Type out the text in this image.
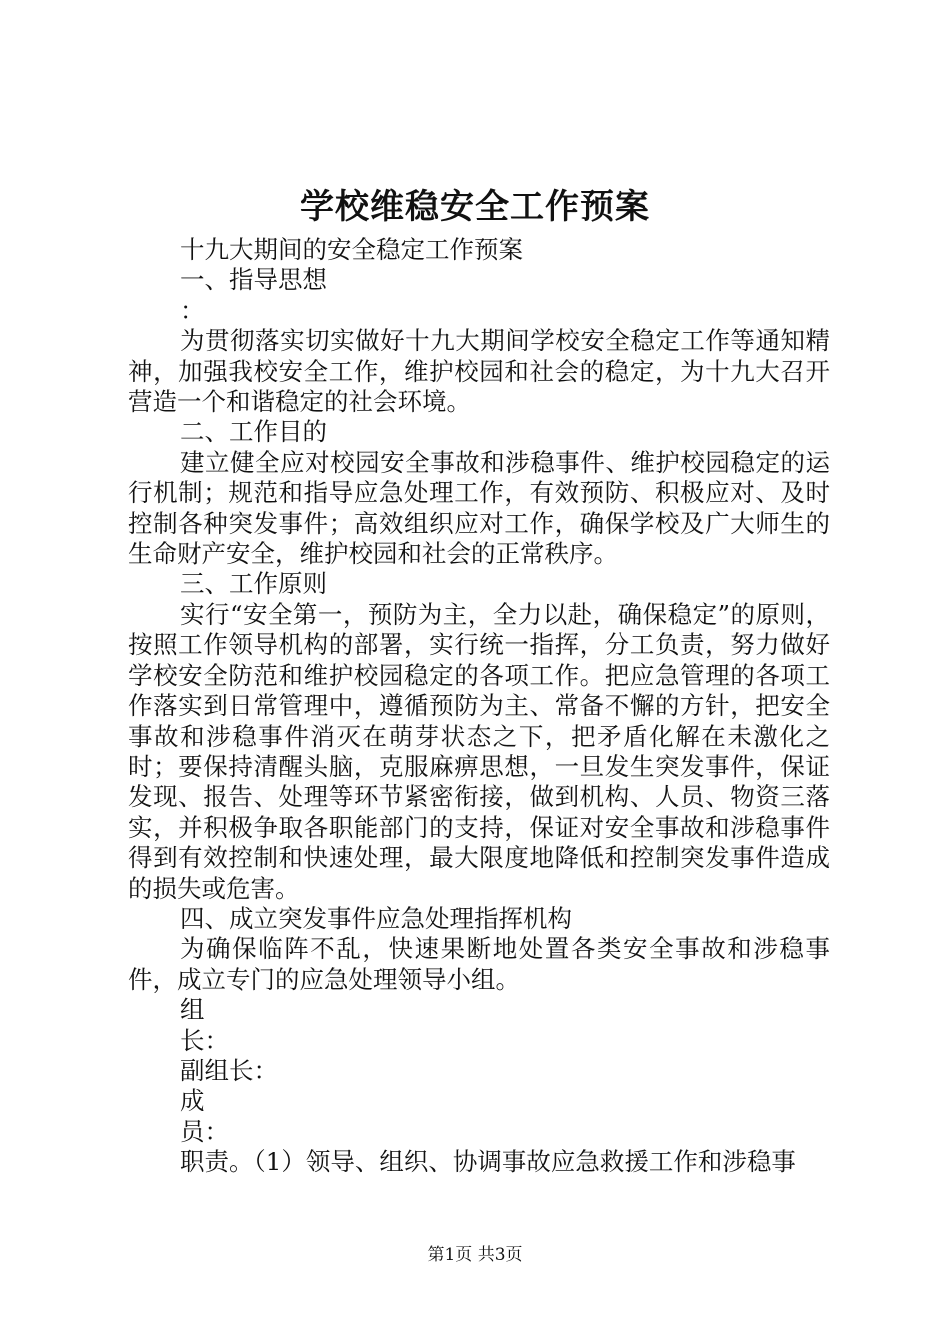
学校维稳安全工作预案

十九大期间的安全稳定工作预案

一、指导思想

：

为贯彻落实切实做好十九大期间学校安全稳定工作等通知精神，加强我校安全工作，维护校园和社会的稳定，为十九大召开营造一个和谐稳定的社会环境。

二、工作目的

建立健全应对校园安全事故和涉稳事件、维护校园稳定的运行机制；规范和指导应急处理工作，有效预防、积极应对、及时控制各种突发事件；高效组织应对工作，确保学校及广大师生的生命财产安全，维护校园和社会的正常秩序。

三、工作原则

实行“安全第一，预防为主，全力以赴，确保稳定”的原则，按照工作领导机构的部署，实行统一指挥，分工负责，努力做好学校安全防范和维护校园稳定的各项工作。把应急管理的各项工作落实到日常管理中，遵循预防为主、常备不懈的方针，把安全事故和涉稳事件消灭在萌芽状态之下，把矛盾化解在未激化之时；要保持清醒头脑，克服麻痹思想，一旦发生突发事件，保证发现、报告、处理等环节紧密衔接，做到机构、人员、物资三落实，并积极争取各职能部门的支持，保证对安全事故和涉稳事件得到有效控制和快速处理，最大限度地降低和控制突发事件造成的损失或危害。

四、成立突发事件应急处理指挥机构

为确保临阵不乱，快速果断地处置各类安全事故和涉稳事件，成立专门的应急处理领导小组。

组

长：

副组长：

成

员：

职责。（1）领导、组织、协调事故应急救援工作和涉稳事

第1页 共3页
